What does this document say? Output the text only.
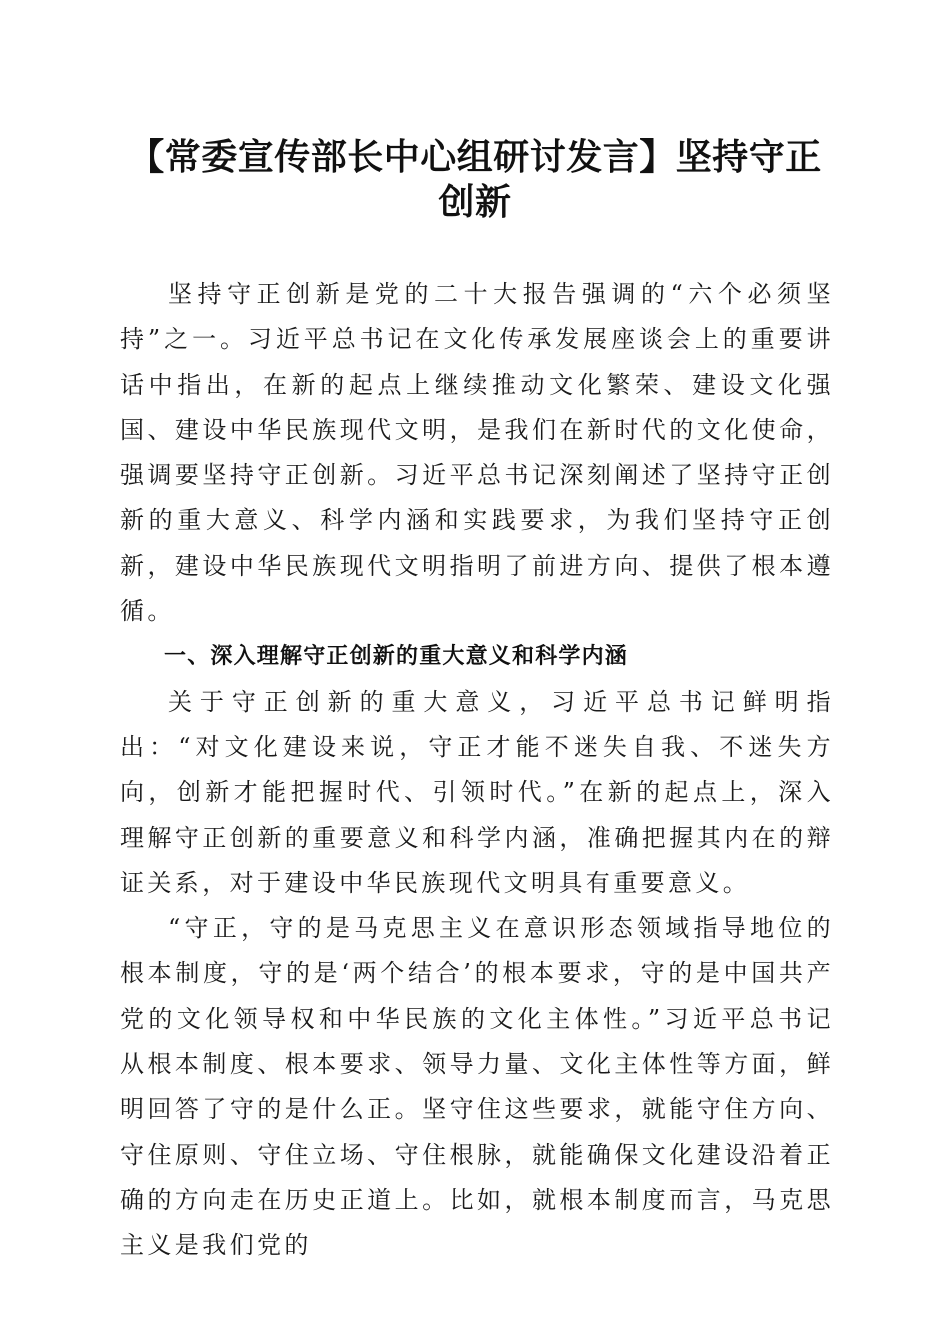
【常委宣传部长中心组研讨发言】坚持守正创新

坚持守正创新是党的二十大报告强调的“六个必须坚持”之一。习近平总书记在文化传承发展座谈会上的重要讲话中指出，在新的起点上继续推动文化繁荣、建设文化强国、建设中华民族现代文明，是我们在新时代的文化使命，强调要坚持守正创新。习近平总书记深刻阐述了坚持守正创新的重大意义、科学内涵和实践要求，为我们坚持守正创新，建设中华民族现代文明指明了前进方向、提供了根本遵循。

一、深入理解守正创新的重大意义和科学内涵

关于守正创新的重大意义，习近平总书记鲜明指出：“对文化建设来说，守正才能不迷失自我、不迷失方向，创新才能把握时代、引领时代。”在新的起点上，深入理解守正创新的重要意义和科学内涵，准确把握其内在的辩证关系，对于建设中华民族现代文明具有重要意义。

“守正，守的是马克思主义在意识形态领域指导地位的根本制度，守的是‘两个结合’的根本要求，守的是中国共产党的文化领导权和中华民族的文化主体性。”习近平总书记从根本制度、根本要求、领导力量、文化主体性等方面，鲜明回答了守的是什么正。坚守住这些要求，就能守住方向、守住原则、守住立场、守住根脉，就能确保文化建设沿着正确的方向走在历史正道上。比如，就根本制度而言，马克思主义是我们党的
